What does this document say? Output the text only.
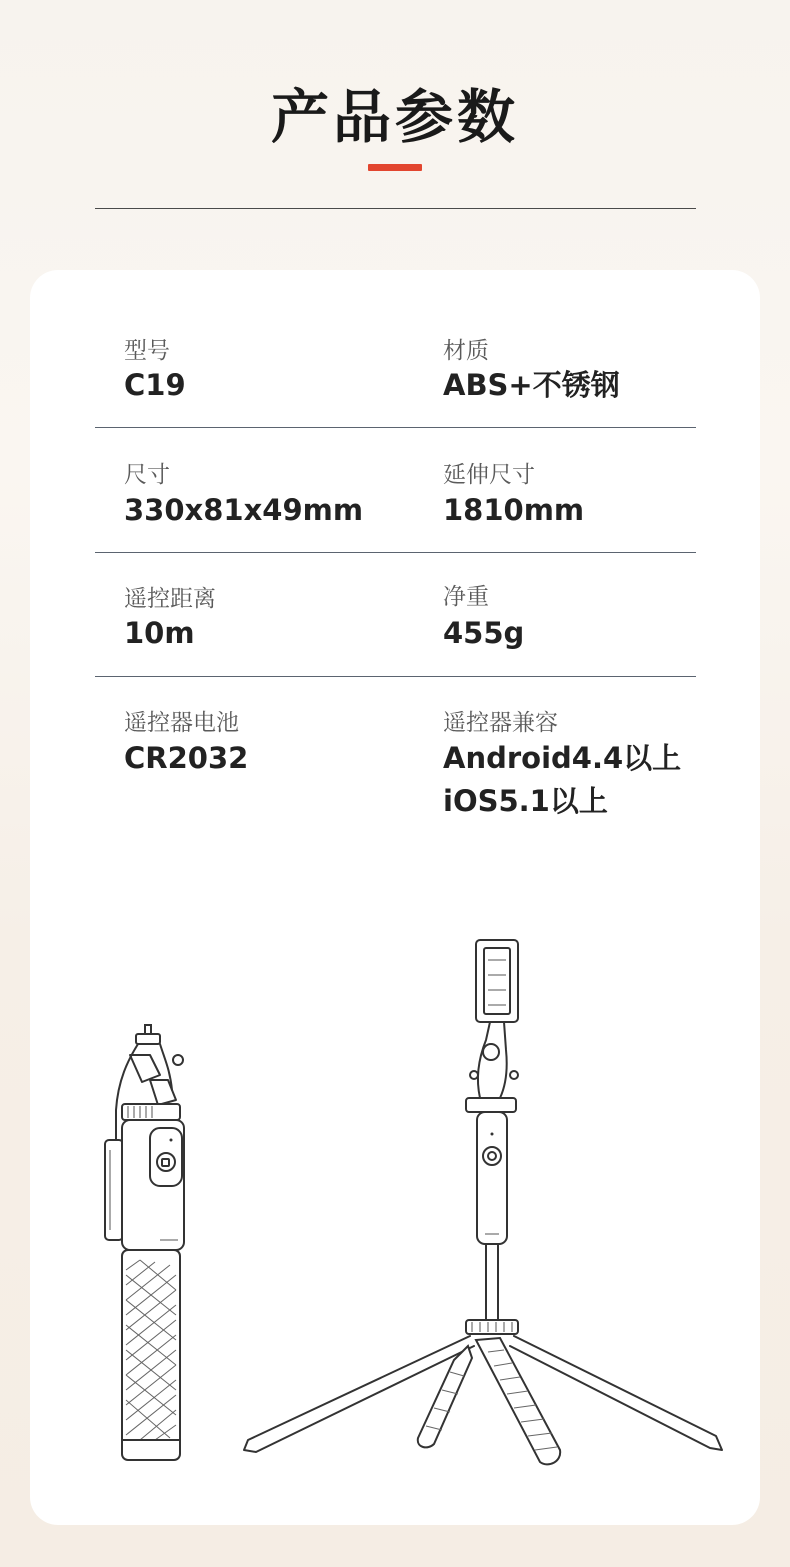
产品参数
型号
C19
材质
ABS+不锈钢
尺寸
330x81x49mm
延伸尺寸
1810mm
遥控距离
10m
净重
455g
遥控器电池
CR2032
遥控器兼容
Android4.4以上
iOS5.1以上
